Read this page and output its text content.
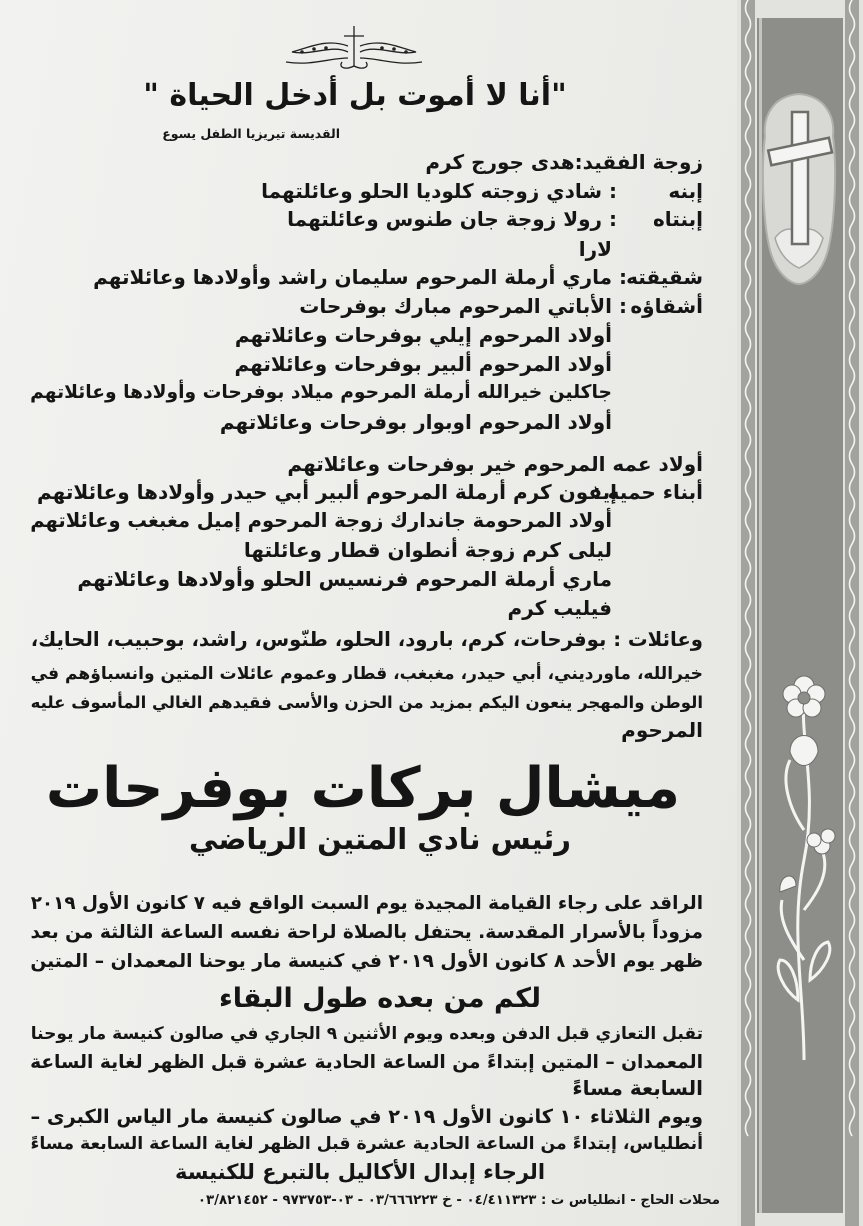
"أنا لا أموت بل أدخل الحياة "
القديسة تيريزيا الطفل يسوع
زوجة الفقيد:هدى جورج كرم
إبنه
: شادي زوجته كلوديا الحلو وعائلتهما
إبنتاه
: رولا زوجة جان طنوس وعائلتهما
لارا
شقيقته
: ماري أرملة المرحوم سليمان راشد وأولادها وعائلاتهم
أشقاؤه
: الأباتي المرحوم مبارك بوفرحات
أولاد المرحوم إيلي بوفرحات وعائلاتهم
أولاد المرحوم ألبير بوفرحات وعائلاتهم
جاكلين خيرالله أرملة المرحوم ميلاد بوفرحات وأولادها وعائلاتهم
أولاد المرحوم اوبوار بوفرحات وعائلاتهم
أولاد عمه المرحوم خير بوفرحات وعائلاتهم
أبناء حميه :
إيفون كرم أرملة المرحوم ألبير أبي حيدر وأولادها وعائلاتهم
أولاد المرحومة جاندارك زوجة المرحوم إميل مغبغب وعائلاتهم
ليلى كرم زوجة أنطوان قطار وعائلتها
ماري أرملة المرحوم فرنسيس الحلو وأولادها وعائلاتهم
فيليب كرم
وعائلات : بوفرحات، كرم، بارود، الحلو، طنّوس، راشد، بوحبيب، الحايك،
خيرالله، ماورديني، أبي حيدر، مغبغب، قطار وعموم عائلات المتين وانسباؤهم في
الوطن والمهجر ينعون اليكم بمزيد من الحزن والأسى فقيدهم الغالي المأسوف عليه
المرحوم
ميشال بركات بوفرحات
رئيس نادي المتين الرياضي
الراقد على رجاء القيامة المجيدة يوم السبت الواقع فيه ٧ كانون الأول ٢٠١٩
مزوداً بالأسرار المقدسة. يحتفل بالصلاة لراحة نفسه الساعة الثالثة من بعد
ظهر يوم الأحد ٨ كانون الأول ٢٠١٩ في كنيسة مار يوحنا المعمدان – المتين
لكم من بعده طول البقاء
تقبل التعازي قبل الدفن وبعده ويوم الأثنين ٩ الجاري في صالون كنيسة مار يوحنا
المعمدان – المتين إبتداءً من الساعة الحادية عشرة قبل الظهر لغاية الساعة
السابعة مساءً
ويوم الثلاثاء ١٠ كانون الأول ٢٠١٩ في صالون كنيسة مار الياس الكبرى –
أنطلياس، إبتداءً من الساعة الحادية عشرة قبل الظهر لغاية الساعة السابعة مساءً
الرجاء إبدال الأكاليل بالتبرع للكنيسة
محلات الحاج - انطلياس ت : ٠٤/٤١١٣٢٣ - خ ٠٣/٦٦٦٢٢٣ - ٠٣-٩٧٣٧٥٣ - ٠٣/٨٢١٤٥٢
